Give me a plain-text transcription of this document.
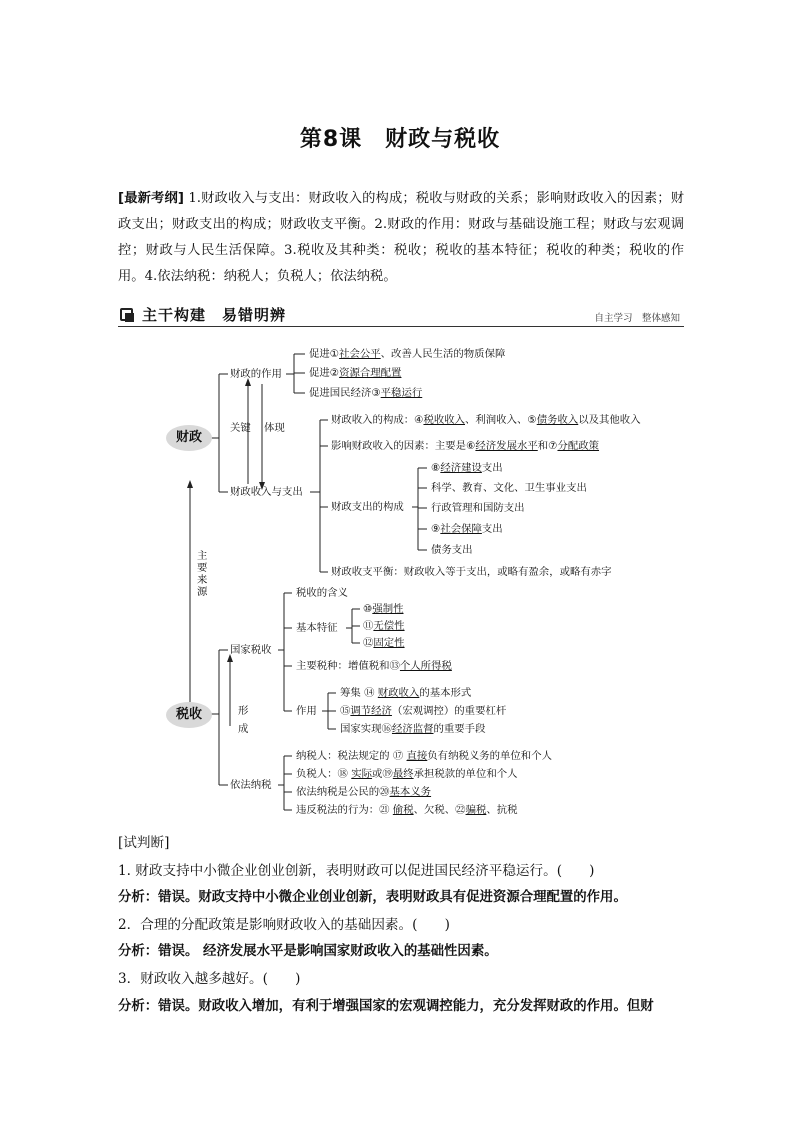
第8课　财政与税收
[最新考纲] 1.财政收入与支出：财政收入的构成；税收与财政的关系；影响财政收入的因素；财政支出；财政支出的构成；财政收支平衡。2.财政的作用：财政与基础设施工程；财政与宏观调控；财政与人民生活保障。3.税收及其种类：税收；税收的基本特征；税收的种类；税收的作用。4.依法纳税：纳税人；负税人；依法纳税。
主干构建　易错明辨	自主学习　整体感知
财政
税收
关键 体现
主要来源
形成
财政的作用
促进①社会公平、改善人民生活的物质保障
促进②资源合理配置
促进国民经济③平稳运行
财政收入与支出
财政收入的构成：④税收收入、利润收入、⑤债务收入以及其他收入
影响财政收入的因素：主要是⑥经济发展水平和⑦分配政策
财政支出的构成
⑧经济建设支出
科学、教育、文化、卫生事业支出
行政管理和国防支出
⑨社会保障支出
债务支出
财政收支平衡：财政收入等于支出，或略有盈余，或略有赤字
国家税收
税收的含义
基本特征
⑩强制性
⑪无偿性
⑫固定性
主要税种：增值税和⑬个人所得税
作用
筹集 ⑭ 财政收入的基本形式
⑮调节经济（宏观调控）的重要杠杆
国家实现⑯经济监督的重要手段
依法纳税
纳税人：税法规定的 ⑰ 直接负有纳税义务的单位和个人
负税人：⑱ 实际或⑲最终承担税款的单位和个人
依法纳税是公民的⑳基本义务
违反税法的行为：㉑ 偷税、欠税、㉒骗税、抗税
[试判断]
1. 财政支持中小微企业创业创新，表明财政可以促进国民经济平稳运行。(　　)
分析：错误。财政支持中小微企业创业创新，表明财政具有促进资源合理配置的作用。
2．合理的分配政策是影响财政收入的基础因素。(　　)
分析：错误。 经济发展水平是影响国家财政收入的基础性因素。
3．财政收入越多越好。(　　)
分析：错误。财政收入增加，有利于增强国家的宏观调控能力，充分发挥财政的作用。但财
